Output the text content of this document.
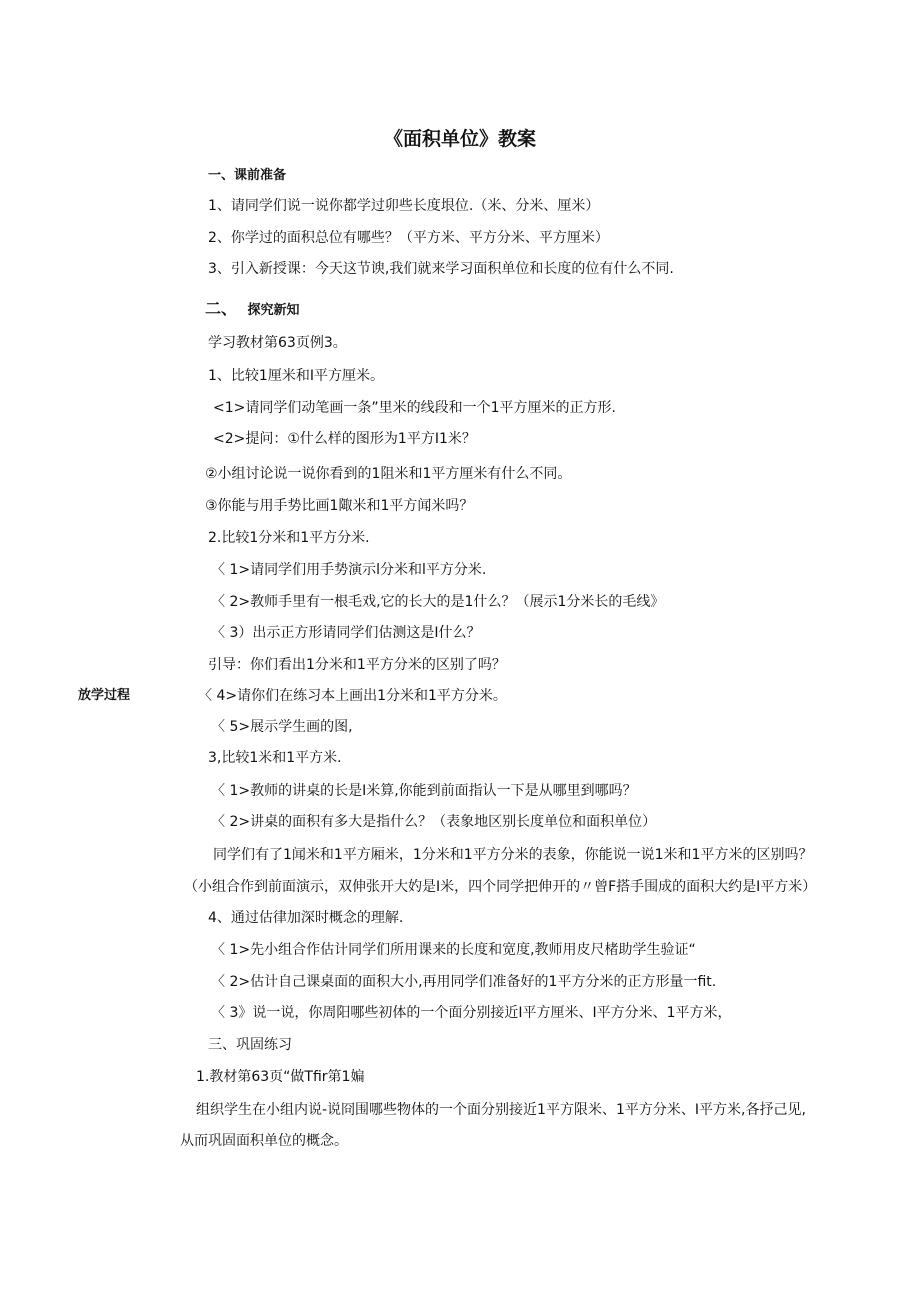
《面积单位》教案
放学过程
一、课前准备
1、请同学们说一说你都学过卯些长度垠位.（米、分米、厘米）
2、你学过的面积总位有哪些？（平方米、平方分米、平方厘米）
3、引入新授课：今天这节谀,我们就来学习面积单位和长度的位有什么不同.
二、 探究新知
学习教材第63页例3。
1、比较1厘米和I平方厘米。
<1>请同学们动笔画一条”里米的线段和一个1平方厘米的正方形.
<2>提问：①什么样的图形为1平方I1米？
②小组讨论说一说你看到的1阻米和1平方厘米有什么不同。
③你能与用手势比画1陬米和1平方闻米吗？
2.比较1分米和1平方分米.
〈 1>请同学们用手势演示l分米和l平方分米.
〈 2>教师手里有一根毛戏,它的长大的是1什么？（展示1分米长的毛线》
〈 3）出示正方形请同学们估测这是I什么？
引导：你们看出1分米和1平方分米的区别了吗？
〈 4>请你们在练习本上画出1分米和1平方分米。
〈 5>展示学生画的图,
3,比较1米和1平方米.
〈 1>教师的讲桌的长是I米算,你能到前面指认一下是从哪里到哪吗？
〈 2>讲桌的面积有多大是指什么？（表象地区别长度单位和面积单位）
同学们有了1闻米和1平方厢米，1分米和1平方分米的表象，你能说一说1米和1平方米的区别吗？
（小组合作到前面演示，双伸张开大妁是I米，四个同学把伸开的〃曾F搭手围成的面积大约是I平方米）
4、通过估律加深时概念的理解.
〈 1>先小组合作估计同学们所用课来的长度和宽度,教师用皮尺楮助学生验证“
〈 2>估计自己课桌面的面积大小,再用同学们准备好的1平方分米的正方形量一fit.
〈 3》说一说，你周阳哪些初体的一个面分别接近I平方厘米、I平方分米、1平方米，
三、巩固练习
1.教材第63页“做Tfir第1媥
组织学生在小组内说-说冏围哪些物体的一个面分别接近1平方限米、1平方分米、I平方米,各抒己见,
从而巩固面积单位的概念。
